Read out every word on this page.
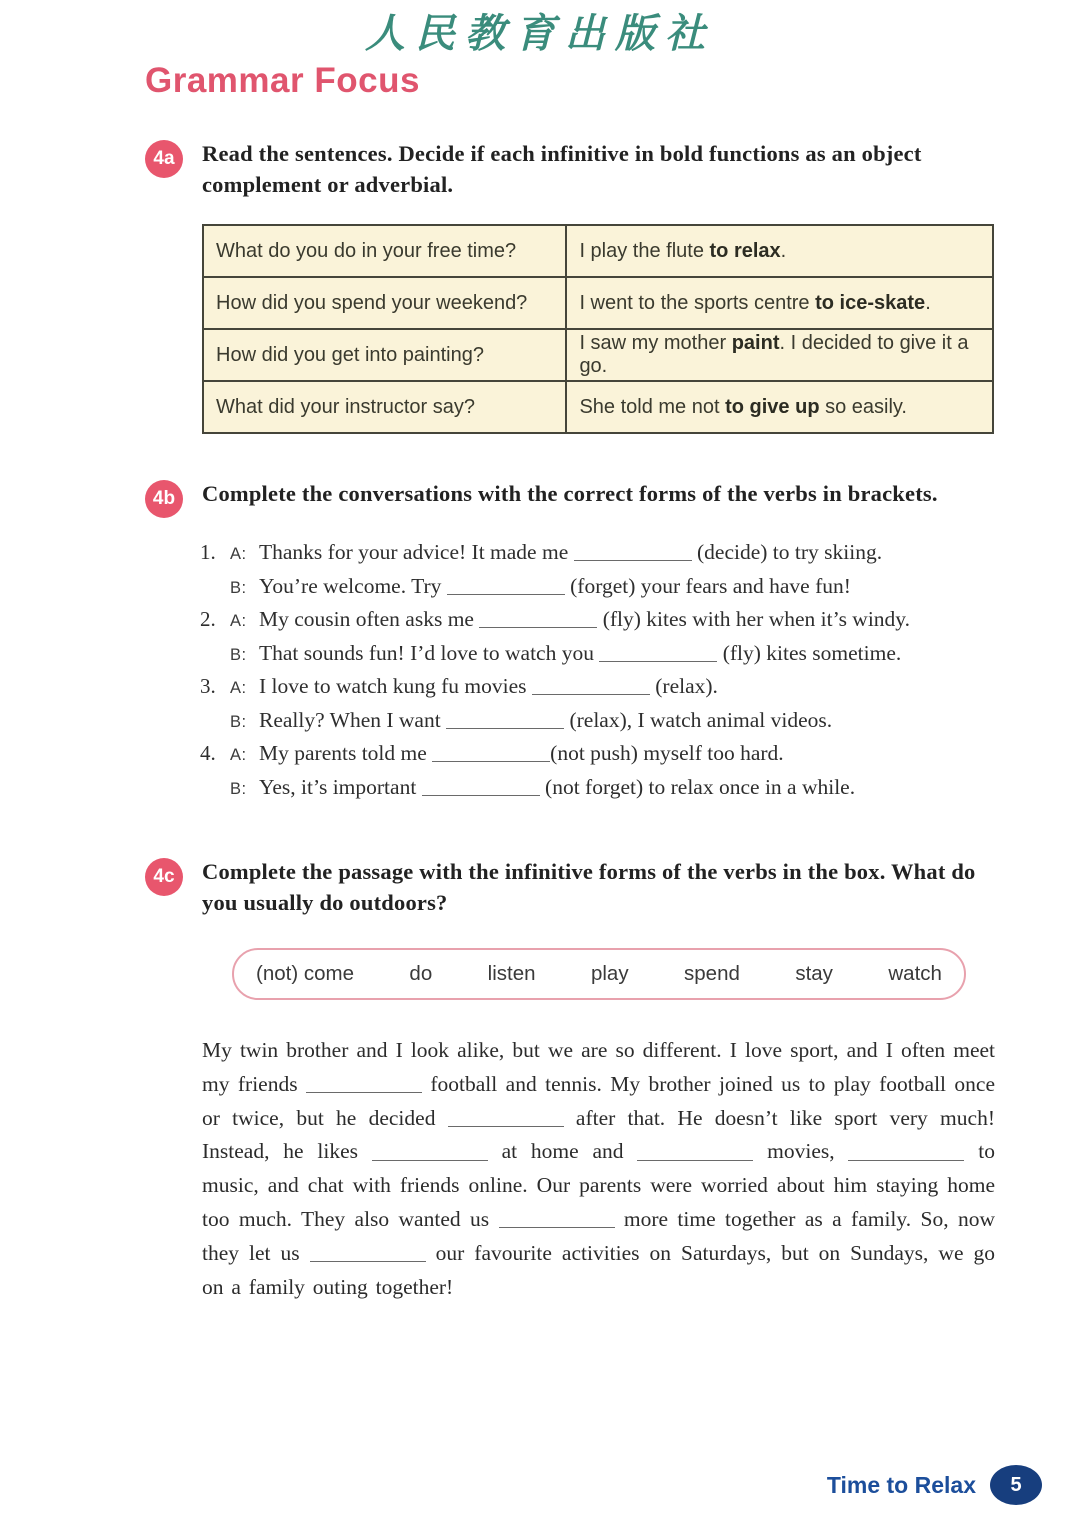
人民教育出版社
Grammar Focus
4a	Read the sentences. Decide if each infinitive in bold functions as an object complement or adverbial.
What do you do in your free time?	I play the flute to relax.
How did you spend your weekend?	I went to the sports centre to ice-skate.
How did you get into painting?	I saw my mother paint. I decided to give it a go.
What did your instructor say?	She told me not to give up so easily.
4b	Complete the conversations with the correct forms of the verbs in brackets.
1. A: Thanks for your advice! It made me	(decide) to try skiing.
B: You’re welcome. Try	(forget) your fears and have fun!
2. A: My cousin often asks me	(fly) kites with her when it’s windy.
B: That sounds fun! I’d love to watch you	(fly) kites sometime.
3. A: I love to watch kung fu movies	(relax).
B: Really? When I want	(relax), I watch animal videos.
4. A: My parents told me	(not push) myself too hard.
B: Yes, it’s important	(not forget) to relax once in a while.
4c	Complete the passage with the infinitive forms of the verbs in the box. What do you usually do outdoors?
(not) come	do	listen	play	spend	stay	watch
My twin brother and I look alike, but we are so different. I love sport, and I often meet my friends	football and tennis. My brother joined us to play football once or twice, but he decided	after that. He doesn’t like sport very much! Instead, he likes	at home and	movies,	to music, and chat with friends online. Our parents were worried about him staying home too much. They also wanted us	more time together as a family. So, now they let us	our favourite activities on Saturdays, but on Sundays, we go on a family outing together!
Time to Relax	5
